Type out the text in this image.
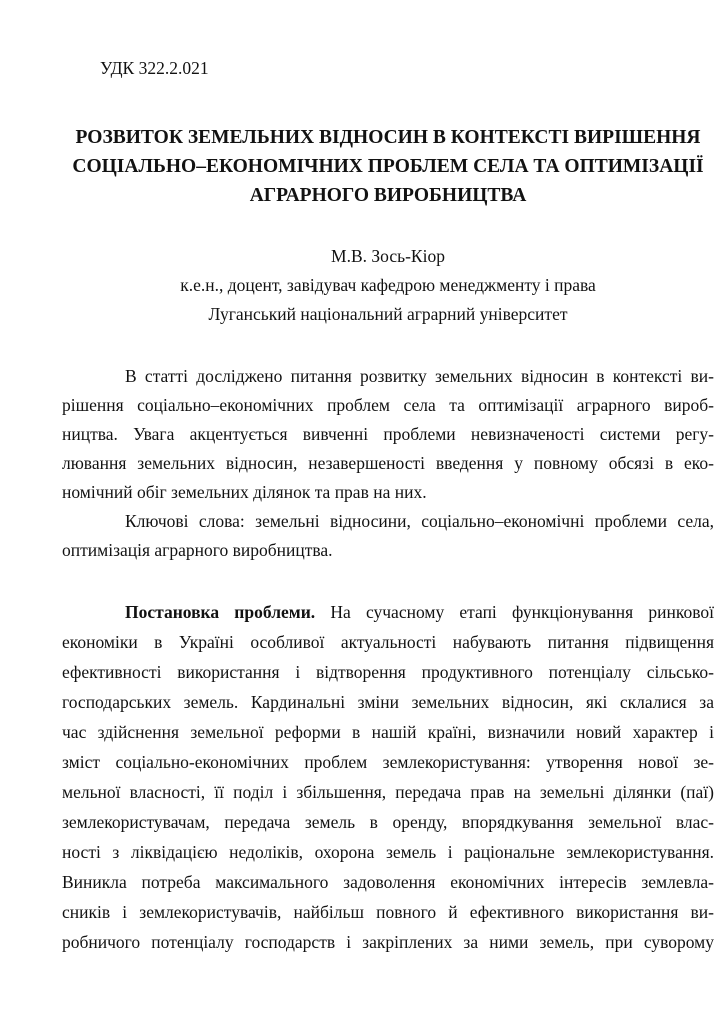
УДК 322.2.021
РОЗВИТОК ЗЕМЕЛЬНИХ ВІДНОСИН В КОНТЕКСТІ ВИРІШЕННЯ
СОЦІАЛЬНО–ЕКОНОМІЧНИХ ПРОБЛЕМ СЕЛА ТА ОПТИМІЗАЦІЇ
АГРАРНОГО ВИРОБНИЦТВА
М.В. Зось-Кіор
к.е.н., доцент, завідувач кафедрою менеджменту і права
Луганський національний аграрний університет
В статті досліджено питання розвитку земельних відносин в контексті ви-
рішення соціально–економічних проблем села та оптимізації аграрного вироб-
ництва. Увага акцентується вивченні проблеми невизначеності системи регу-
лювання земельних відносин, незавершеності введення у повному обсязі в еко-
номічний обіг земельних ділянок та прав на них.
Ключові слова: земельні відносини, соціально–економічні проблеми села,
оптимізація аграрного виробництва.
Постановка проблеми. На сучасному етапі функціонування ринкової
економіки в Україні особливої актуальності набувають питання підвищення
ефективності використання і відтворення продуктивного потенціалу сільсько-
господарських земель. Кардинальні зміни земельних відносин, які склалися за
час здійснення земельної реформи в нашій країні, визначили новий характер і
зміст соціально-економічних проблем землекористування: утворення нової зе-
мельної власності, її поділ і збільшення, передача прав на земельні ділянки (паї)
землекористувачам, передача земель в оренду, впорядкування земельної влас-
ності з ліквідацією недоліків, охорона земель і раціональне землекористування.
Виникла потреба максимального задоволення економічних інтересів землевла-
сників і землекористувачів, найбільш повного й ефективного використання ви-
робничого потенціалу господарств і закріплених за ними земель, при суворому
